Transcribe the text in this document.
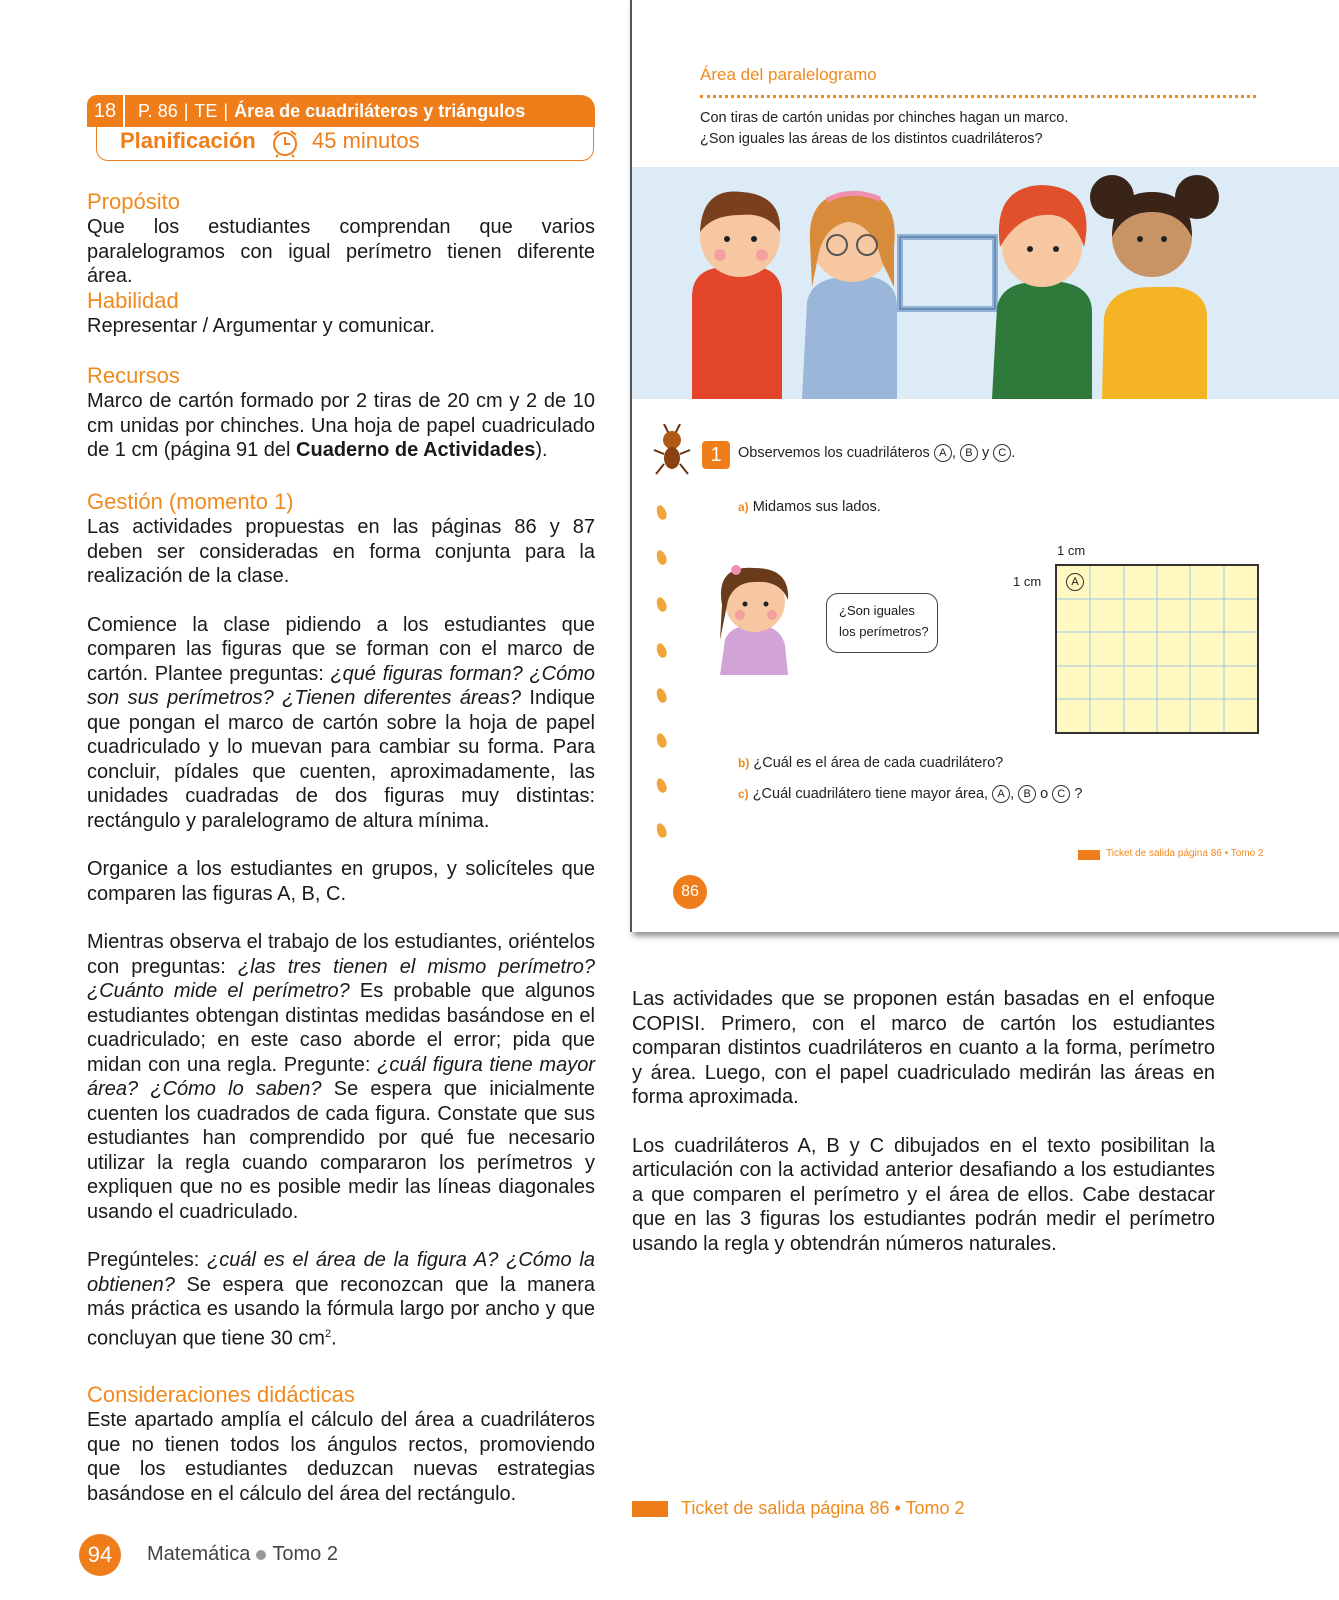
18	P. 86 | TE | Área de cuadriláteros y triángulos
Planificación	45 minutos
Propósito

Que los estudiantes comprendan que varios paralelogramos con igual perímetro tienen diferente área.

Habilidad

Representar / Argumentar y comunicar.

Recursos

Marco de cartón formado por 2 tiras de 20 cm y 2 de 10 cm unidas por chinches. Una hoja de papel cuadriculado de 1 cm (página 91 del Cuaderno de Actividades).

Gestión (momento 1)

Las actividades propuestas en las páginas 86 y 87 deben ser consideradas en forma conjunta para la realización de la clase.

Comience la clase pidiendo a los estudiantes que comparen las figuras que se forman con el marco de cartón. Plantee preguntas: ¿qué figuras forman? ¿Cómo son sus perímetros? ¿Tienen diferentes áreas? Indique que pongan el marco de cartón sobre la hoja de papel cuadriculado y lo muevan para cambiar su forma. Para concluir, pídales que cuenten, aproximadamente, las unidades cuadradas de dos figuras muy distintas: rectángulo y paralelogramo de altura mínima.

Organice a los estudiantes en grupos, y solicíteles que comparen las figuras A, B, C.

Mientras observa el trabajo de los estudiantes, oriéntelos con preguntas: ¿las tres tienen el mismo perímetro? ¿Cuánto mide el perímetro? Es probable que algunos estudiantes obtengan distintas medidas basándose en el cuadriculado; en este caso aborde el error; pida que midan con una regla. Pregunte: ¿cuál figura tiene mayor área? ¿Cómo lo saben? Se espera que inicialmente cuenten los cuadrados de cada figura. Constate que sus estudiantes han comprendido por qué fue necesario utilizar la regla cuando compararon los perímetros y expliquen que no es posible medir las líneas diagonales usando el cuadriculado.

Pregúnteles: ¿cuál es el área de la figura A? ¿Cómo la obtienen? Se espera que reconozcan que la manera más práctica es usando la fórmula largo por ancho y que concluyan que tiene 30 $cm^2$.

Consideraciones didácticas

Este apartado amplía el cálculo del área a cuadriláteros que no tienen todos los ángulos rectos, promoviendo que los estudiantes deduzcan nuevas estrategias basándose en el cálculo del área del rectángulo.

Área del paralelogramo
Con tiras de cartón unidas por chinches hagan un marco.
¿Son iguales las áreas de los distintos cuadriláteros?
1	Observemos los cuadriláteros A , B y C .
a) Midamos sus lados.
¿Son iguales
los perímetros?
1 cm
1 cm	A
b) ¿Cuál es el área de cada cuadrilátero?
c) ¿Cuál cuadrilátero tiene mayor área, A , B o C ?
Ticket de salida página 86 • Tomo 2
86

Las actividades que se proponen están basadas en el enfoque COPISI. Primero, con el marco de cartón los estudiantes comparan distintos cuadriláteros en cuanto a la forma, perímetro y área. Luego, con el papel cuadriculado medirán las áreas en forma aproximada.

Los cuadriláteros A, B y C dibujados en el texto posibilitan la articulación con la actividad anterior desafiando a los estudiantes a que comparen el perímetro y el área de ellos. Cabe destacar que en las 3 figuras los estudiantes podrán medir el perímetro usando la regla y obtendrán números naturales.

Ticket de salida página 86 • Tomo 2
94	Matemática Tomo 2
